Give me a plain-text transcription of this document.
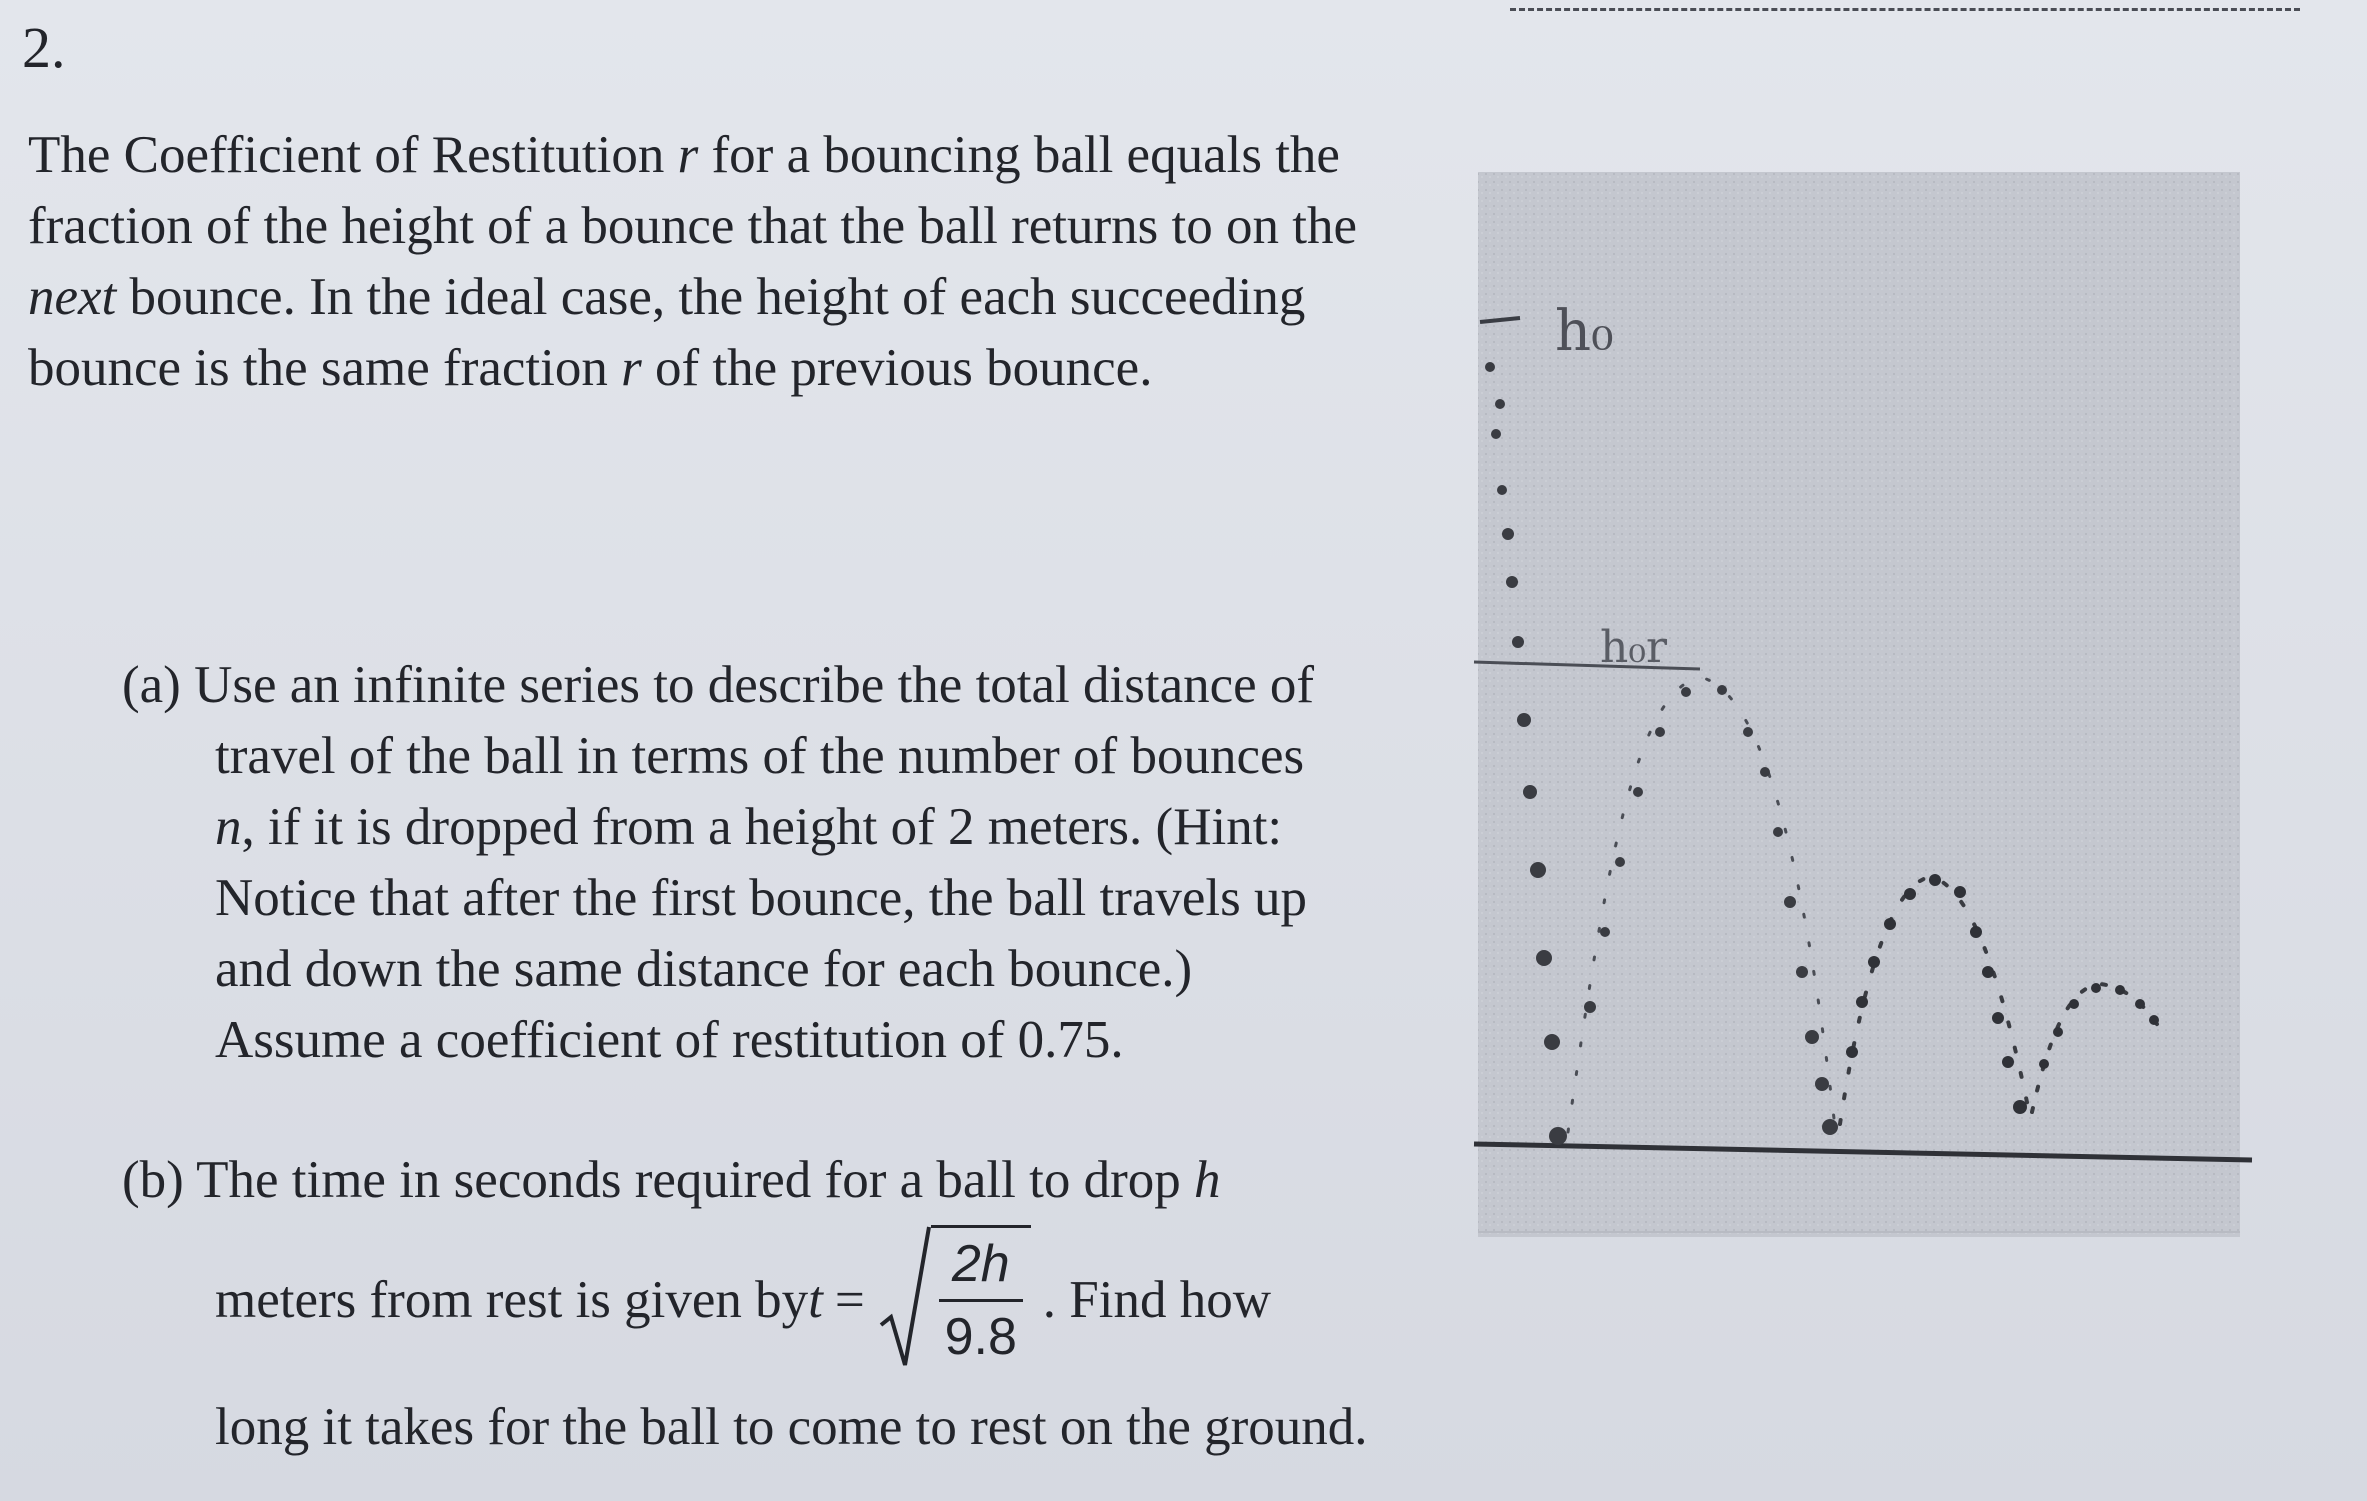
2.
The Coefficient of Restitution r for a bouncing ball equals the fraction of the height of a bounce that the ball returns to on the next bounce. In the ideal case, the height of each succeeding bounce is the same fraction r of the previous bounce.
(a) Use an infinite series to describe the total distance of
travel of the ball in terms of the number of bounces
n, if it is dropped from a height of 2 meters. (Hint:
Notice that after the first bounce, the ball travels up
and down the same distance for each bounce.)
Assume a coefficient of restitution of 0.75.
(b) The time in seconds required for a ball to drop h
meters from rest is given by t =
2h
9.8
. Find how
long it takes for the ball to come to rest on the ground.
h₀
h₀r
